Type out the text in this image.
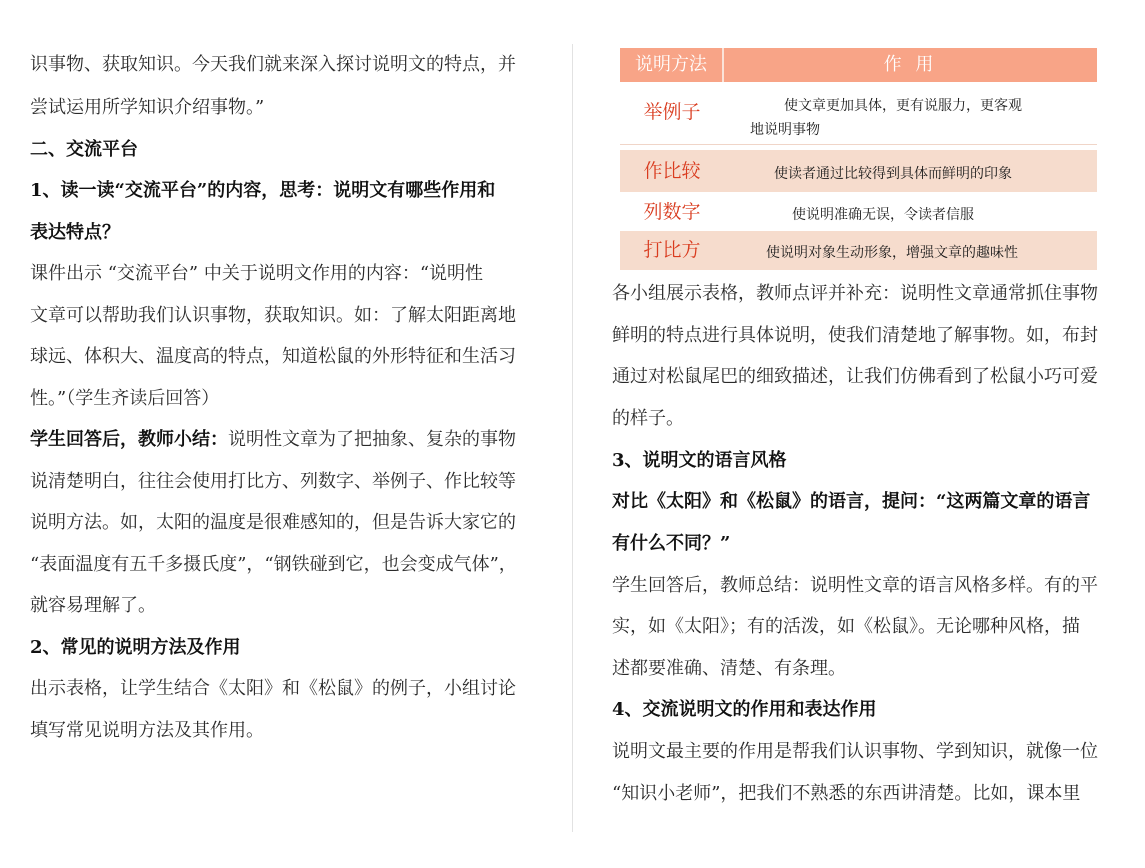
识事物、获取知识。今天我们就来深入探讨说明文的特点，并
尝试运用所学知识介绍事物。”
二、交流平台
1、读一读“交流平台”的内容，思考：说明文有哪些作用和
表达特点？
课件出示 “交流平台” 中关于说明文作用的内容：“说明性
文章可以帮助我们认识事物，获取知识。如：了解太阳距离地
球远、体积大、温度高的特点，知道松鼠的外形特征和生活习
性。”（学生齐读后回答）
学生回答后，教师小结：说明性文章为了把抽象、复杂的事物
说清楚明白，往往会使用打比方、列数字、举例子、作比较等
说明方法。如，太阳的温度是很难感知的，但是告诉大家它的
“表面温度有五千多摄氏度”，“钢铁碰到它，也会变成气体”，
就容易理解了。
2、常见的说明方法及作用
出示表格，让学生结合《太阳》和《松鼠》的例子，小组讨论
填写常见说明方法及其作用。
说明方法	作 用
举例子	使文章更加具体，更有说服力，更客观
地说明事物
作比较	使读者通过比较得到具体而鲜明的印象
列数字	使说明准确无误，令读者信服
打比方	使说明对象生动形象，增强文章的趣味性
各小组展示表格，教师点评并补充：说明性文章通常抓住事物
鲜明的特点进行具体说明，使我们清楚地了解事物。如，布封
通过对松鼠尾巴的细致描述，让我们仿佛看到了松鼠小巧可爱
的样子。
3、说明文的语言风格
对比《太阳》和《松鼠》的语言，提问：“这两篇文章的语言
有什么不同？”
学生回答后，教师总结：说明性文章的语言风格多样。有的平
实，如《太阳》；有的活泼，如《松鼠》。无论哪种风格，描
述都要准确、清楚、有条理。
4、交流说明文的作用和表达作用
说明文最主要的作用是帮我们认识事物、学到知识，就像一位
“知识小老师”，把我们不熟悉的东西讲清楚。比如，课本里
